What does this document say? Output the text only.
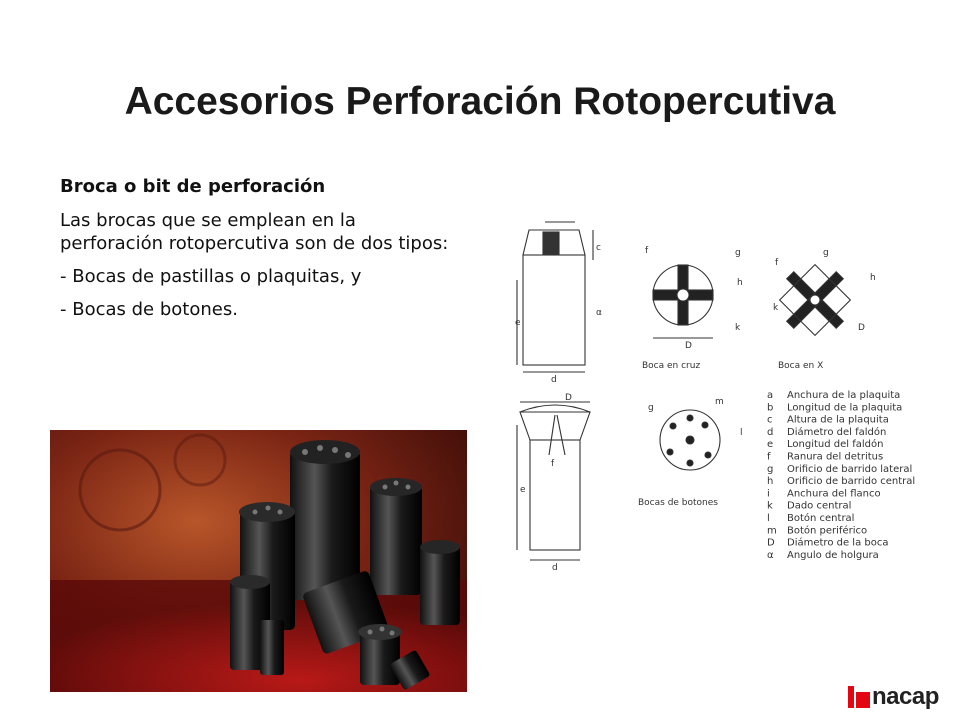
Accesorios Perforación Rotopercutiva
Broca o bit de perforación

Las brocas que se emplean en la perforación rotopercutiva son de dos tipos:

- Bocas de pastillas o plaquitas, y

- Bocas de botones.

e
d
c
α
D
f	g
h
k
Boca en cruz
f
g
h
k
D
Boca en X
D
e
d
f
g
m
l
Bocas de botones
a Anchura de la plaquita
b Longitud de la plaquita
c Altura de la plaquita
d Diámetro del faldón
e Longitud del faldón
f Ranura del detritus
g Orificio de barrido lateral
h Orificio de barrido central
i Anchura del flanco
k Dado central
l Botón central
m Botón periférico
D Diámetro de la boca
α Angulo de holgura
nacap
